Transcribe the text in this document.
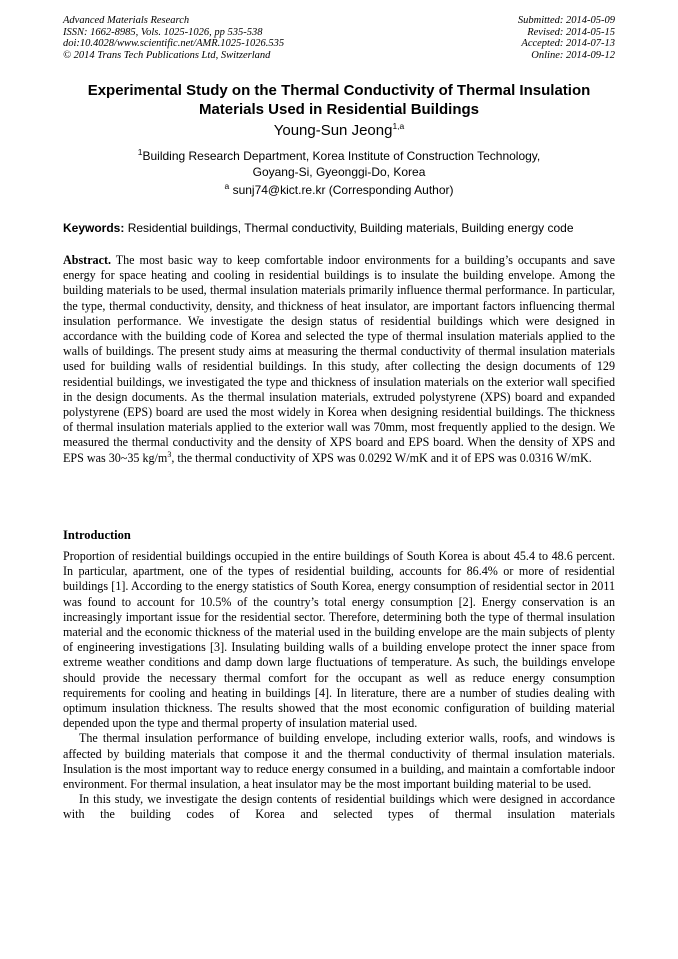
Advanced Materials Research
ISSN: 1662-8985, Vols. 1025-1026, pp 535-538
doi:10.4028/www.scientific.net/AMR.1025-1026.535
© 2014 Trans Tech Publications Ltd, Switzerland
Submitted: 2014-05-09
Revised: 2014-05-15
Accepted: 2014-07-13
Online: 2014-09-12
Experimental Study on the Thermal Conductivity of Thermal Insulation
Materials Used in Residential Buildings
Young-Sun Jeong$^{1,a}$
$^1$Building Research Department, Korea Institute of Construction Technology,
Goyang-Si, Gyeonggi-Do, Korea
$^a$ sunj74@kict.re.kr (Corresponding Author)
Keywords: Residential buildings, Thermal conductivity, Building materials, Building energy code
Abstract. The most basic way to keep comfortable indoor environments for a building’s occupants and save energy for space heating and cooling in residential buildings is to insulate the building envelope. Among the building materials to be used, thermal insulation materials primarily influence thermal performance. In particular, the type, thermal conductivity, density, and thickness of heat insulator, are important factors influencing thermal insulation performance. We investigate the design status of residential buildings which were designed in accordance with the building code of Korea and selected the type of thermal insulation materials applied to the walls of buildings. The present study aims at measuring the thermal conductivity of thermal insulation materials used for building walls of residential buildings. In this study, after collecting the design documents of 129 residential buildings, we investigated the type and thickness of insulation materials on the exterior wall specified in the design documents. As the thermal insulation materials, extruded polystyrene (XPS) board and expanded polystyrene (EPS) board are used the most widely in Korea when designing residential buildings. The thickness of thermal insulation materials applied to the exterior wall was 70mm, most frequently applied to the design. We measured the thermal conductivity and the density of XPS board and EPS board. When the density of XPS and EPS was 30~35 $kg/m^3$, the thermal conductivity of XPS was 0.0292 W/mK and it of EPS was 0.0316 W/mK.
Introduction

Proportion of residential buildings occupied in the entire buildings of South Korea is about 45.4 to 48.6 percent. In particular, apartment, one of the types of residential building, accounts for 86.4% or more of residential buildings [1]. According to the energy statistics of South Korea, energy consumption of residential sector in 2011 was found to account for 10.5% of the country’s total energy consumption [2]. Energy conservation is an increasingly important issue for the residential sector. Therefore, determining both the type of thermal insulation material and the economic thickness of the material used in the building envelope are the main subjects of plenty of engineering investigations [3]. Insulating building walls of a building envelope protect the inner space from extreme weather conditions and damp down large fluctuations of temperature. As such, the buildings envelope should provide the necessary thermal comfort for the occupant as well as reduce energy consumption requirements for cooling and heating in buildings [4]. In literature, there are a number of studies dealing with optimum insulation thickness. The results showed that the most economic configuration of building material depended upon the type and thermal property of insulation material used.

The thermal insulation performance of building envelope, including exterior walls, roofs, and windows is affected by building materials that compose it and the thermal conductivity of thermal insulation materials. Insulation is the most important way to reduce energy consumed in a building, and maintain a comfortable indoor environment. For thermal insulation, a heat insulator may be the most important building material to be used.

In this study, we investigate the design contents of residential buildings which were designed in accordance with the building codes of Korea and selected types of thermal insulation materials
